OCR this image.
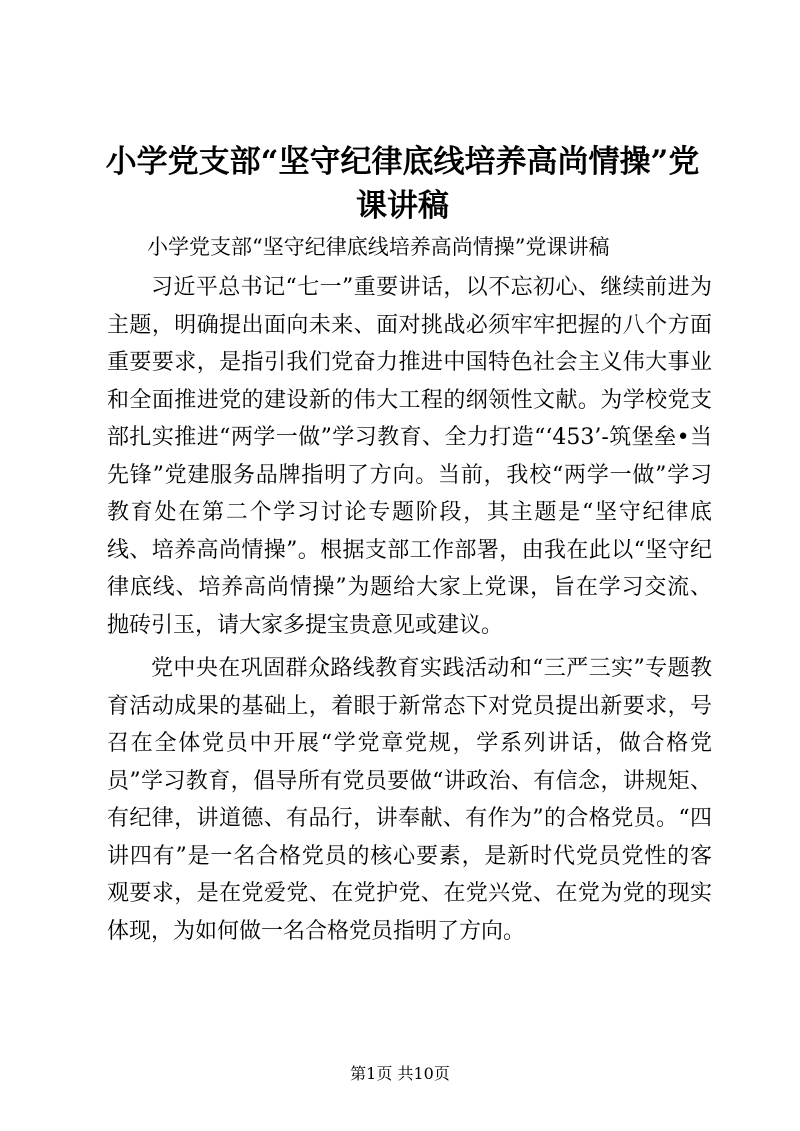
小学党支部“坚守纪律底线培养高尚情操”党课讲稿

小学党支部“坚守纪律底线培养高尚情操”党课讲稿

习近平总书记“七一”重要讲话，以不忘初心、继续前进为主题，明确提出面向未来、面对挑战必须牢牢把握的八个方面重要要求，是指引我们党奋力推进中国特色社会主义伟大事业和全面推进党的建设新的伟大工程的纲领性文献。为学校党支部扎实推进“两学一做”学习教育、全力打造“‘453’-筑堡垒•当先锋”党建服务品牌指明了方向。当前，我校“两学一做”学习教育处在第二个学习讨论专题阶段，其主题是“坚守纪律底线、培养高尚情操”。根据支部工作部署，由我在此以“坚守纪律底线、培养高尚情操”为题给大家上党课，旨在学习交流、抛砖引玉，请大家多提宝贵意见或建议。

党中央在巩固群众路线教育实践活动和“三严三实”专题教育活动成果的基础上，着眼于新常态下对党员提出新要求，号召在全体党员中开展“学党章党规，学系列讲话，做合格党员”学习教育，倡导所有党员要做“讲政治、有信念，讲规矩、有纪律，讲道德、有品行，讲奉献、有作为”的合格党员。“四讲四有”是一名合格党员的核心要素，是新时代党员党性的客观要求，是在党爱党、在党护党、在党兴党、在党为党的现实体现，为如何做一名合格党员指明了方向。

第1页 共10页
